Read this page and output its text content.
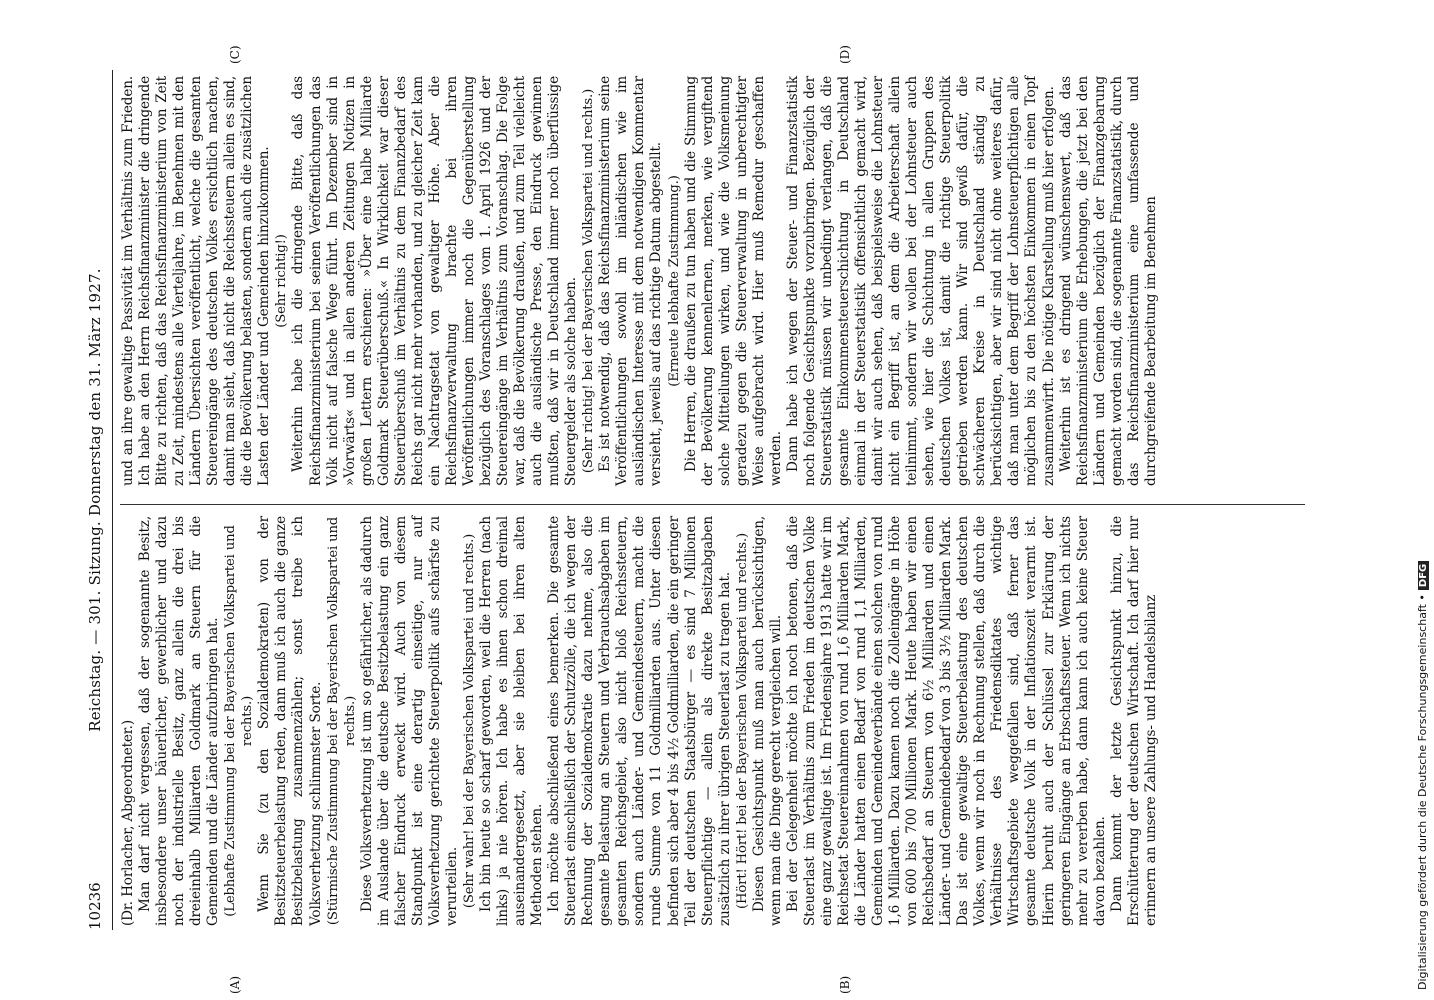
10236
Reichstag. — 301. Sitzung. Donnerstag den 31. März 1927.
(A)	(B)
(C)	(D)

(Dr. Horlacher, Abgeordneter.) Man darf nicht vergessen, daß der sogenannte Besitz, insbesondere unser bäuerlicher, gewerblicher und dazu noch der industrielle Besitz, ganz allein die drei bis dreieinhalb Milliarden Goldmark an Steuern für die Gemeinden und die Länder aufzubringen hat. (Lebhafte Zustimmung bei der Bayerischen Volkspartei und rechts.) Wenn Sie (zu den Sozialdemokraten) von der Besitzsteuerbelastung reden, dann muß ich auch die ganze Besitzbelastung zusammenzählen; sonst treibe ich Volksverhetzung schlimmster Sorte. (Stürmische Zustimmung bei der Bayerischen Volkspartei und rechts.) Diese Volksverhetzung ist um so gefährlicher, als dadurch im Auslande über die deutsche Besitzbelastung ein ganz falscher Eindruck erweckt wird. Auch von diesem Standpunkt ist eine derartig einseitige, nur auf Volksverhetzung gerichtete Steuerpolitik aufs schärfste zu verurteilen. (Sehr wahr! bei der Bayerischen Volkspartei und rechts.) Ich bin heute so scharf geworden, weil die Herren (nach links) ja nie hören. Ich habe es ihnen schon dreimal auseinandergesetzt, aber sie bleiben bei ihren alten Methoden stehen. Ich möchte abschließend eines bemerken. Die gesamte Steuerlast einschließlich der Schutzzölle, die ich wegen der Rechnung der Sozialdemokratie dazu nehme, also die gesamte Belastung an Steuern und Verbrauchsabgaben im gesamten Reichsgebiet, also nicht bloß Reichssteuern, sondern auch Länder- und Gemeindesteuern, macht die runde Summe von 11 Goldmilliarden aus. Unter diesen befinden sich aber 4 bis 4½ Goldmilliarden, die ein geringer Teil der deutschen Staatsbürger — es sind 7 Millionen Steuerpflichtige — allein als direkte Besitzabgaben zusätzlich zu ihrer übrigen Steuerlast zu tragen hat. (Hört! Hört! bei der Bayerischen Volkspartei und rechts.) Diesen Gesichtspunkt muß man auch berücksichtigen, wenn man die Dinge gerecht vergleichen will. Bei der Gelegenheit möchte ich noch betonen, daß die Steuerlast im Verhältnis zum Frieden im deutschen Volke eine ganz gewaltige ist. Im Friedensjahre 1913 hatte wir im Reichsetat Steuereinnahmen von rund 1,6 Milliarden Mark, die Länder hatten einen Bedarf von rund 1,1 Milliarden, Gemeinden und Gemeindeverbände einen solchen von rund 1,6 Milliarden. Dazu kamen noch die Zolleingänge in Höhe von 600 bis 700 Millionen Mark. Heute haben wir einen Reichsbedarf an Steuern von 6½ Milliarden und einen Länder- und Gemeindebedarf von 3 bis 3½ Milliarden Mark. Das ist eine gewaltige Steuerbelastung des deutschen Volkes, wenn wir noch in Rechnung stellen, daß durch die Verhältnisse des Friedensdiktates wichtige Wirtschaftsgebiete weggefallen sind, daß ferner das gesamte deutsche Volk in der Inflationszeit verarmt ist. Hierin beruht auch der Schlüssel zur Erklärung der geringeren Eingänge an Erbschaftssteuer. Wenn ich nichts mehr zu vererben habe, dann kann ich auch keine Steuer davon bezahlen. Dann kommt der letzte Gesichtspunkt hinzu, die Erschütterung der deutschen Wirtschaft. Ich darf hier nur erinnern an unsere Zahlungs- und Handelsbilanz

und an ihre gewaltige Passivität im Verhältnis zum Frieden. Ich habe an den Herrn Reichsfinanzminister die dringende Bitte zu richten, daß das Reichsfinanzministerium von Zeit zu Zeit, mindestens alle Vierteljahre, im Benehmen mit den Ländern Übersichten veröffentlicht, welche die gesamten Steuereingänge des deutschen Volkes ersichtlich machen, damit man sieht, daß nicht die Reichssteuern allein es sind, die die Bevölkerung belasten, sondern auch die zusätzlichen Lasten der Länder und Gemeinden hinzukommen. (Sehr richtig!) Weiterhin habe ich die dringende Bitte, daß das Reichsfinanzministerium bei seinen Veröffentlichungen das Volk nicht auf falsche Wege führt. Im Dezember sind in »Vorwärts« und in allen anderen Zeitungen Notizen in großen Lettern erschienen: »Über eine halbe Milliarde Goldmark Steuerüberschuß.« In Wirklichkeit war dieser Steuerüberschuß im Verhältnis zu dem Finanzbedarf des Reichs gar nicht mehr vorhanden, und zu gleicher Zeit kam ein Nachtragsetat von gewaltiger Höhe. Aber die Reichsfinanzverwaltung brachte bei ihren Veröffentlichungen immer noch die Gegenüberstellung bezüglich des Voranschlages vom 1. April 1926 und der Steuereingänge im Verhältnis zum Voranschlag. Die Folge war, daß die Bevölkerung draußen, und zum Teil vielleicht auch die ausländische Presse, den Eindruck gewinnen mußten, daß wir in Deutschland immer noch überflüssige Steuergelder als solche haben. (Sehr richtig! bei der Bayerischen Volkspartei und rechts.) Es ist notwendig, daß das Reichsfinanzministerium seine Veröffentlichungen sowohl im inländischen wie im ausländischen Interesse mit dem notwendigen Kommentar versieht, jeweils auf das richtige Datum abgestellt. (Erneute lebhafte Zustimmung.) Die Herren, die draußen zu tun haben und die Stimmung der Bevölkerung kennenlernen, merken, wie vergiftend solche Mitteilungen wirken, und wie die Volksmeinung geradezu gegen die Steuerverwaltung in unberechtigter Weise aufgebracht wird. Hier muß Remedur geschaffen werden. Dann habe ich wegen der Steuer- und Finanzstatistik noch folgende Gesichtspunkte vorzubringen. Bezüglich der Steuerstatistik müssen wir unbedingt verlangen, daß die gesamte Einkommensteuerschichtung in Deutschland einmal in der Steuerstatistik offensichtlich gemacht wird, damit wir auch sehen, daß beispielsweise die Lohnsteuer nicht ein Begriff ist, an dem die Arbeiterschaft allein teilnimmt, sondern wir wollen bei der Lohnsteuer auch sehen, wie hier die Schichtung in allen Gruppen des deutschen Volkes ist, damit die richtige Steuerpolitik getrieben werden kann. Wir sind gewiß dafür, die schwächeren Kreise in Deutschland ständig zu berücksichtigen, aber wir sind nicht ohne weiteres dafür, daß man unter dem Begriff der Lohnsteuerpflichtigen alle möglichen bis zu den höchsten Einkommen in einen Topf zusammenwirft. Die nötige Klarstellung muß hier erfolgen. Weiterhin ist es dringend wünschenswert, daß das Reichsfinanzministerium die Erhebungen, die jetzt bei den Ländern und Gemeinden bezüglich der Finanzgebarung gemacht worden sind, die sogenannte Finanzstatistik, durch das Reichsfinanzministerium eine umfassende und durchgreifende Bearbeitung im Benehmen

Digitalisierung gefördert durch die Deutsche Forschungsgemeinschaft •DFG
